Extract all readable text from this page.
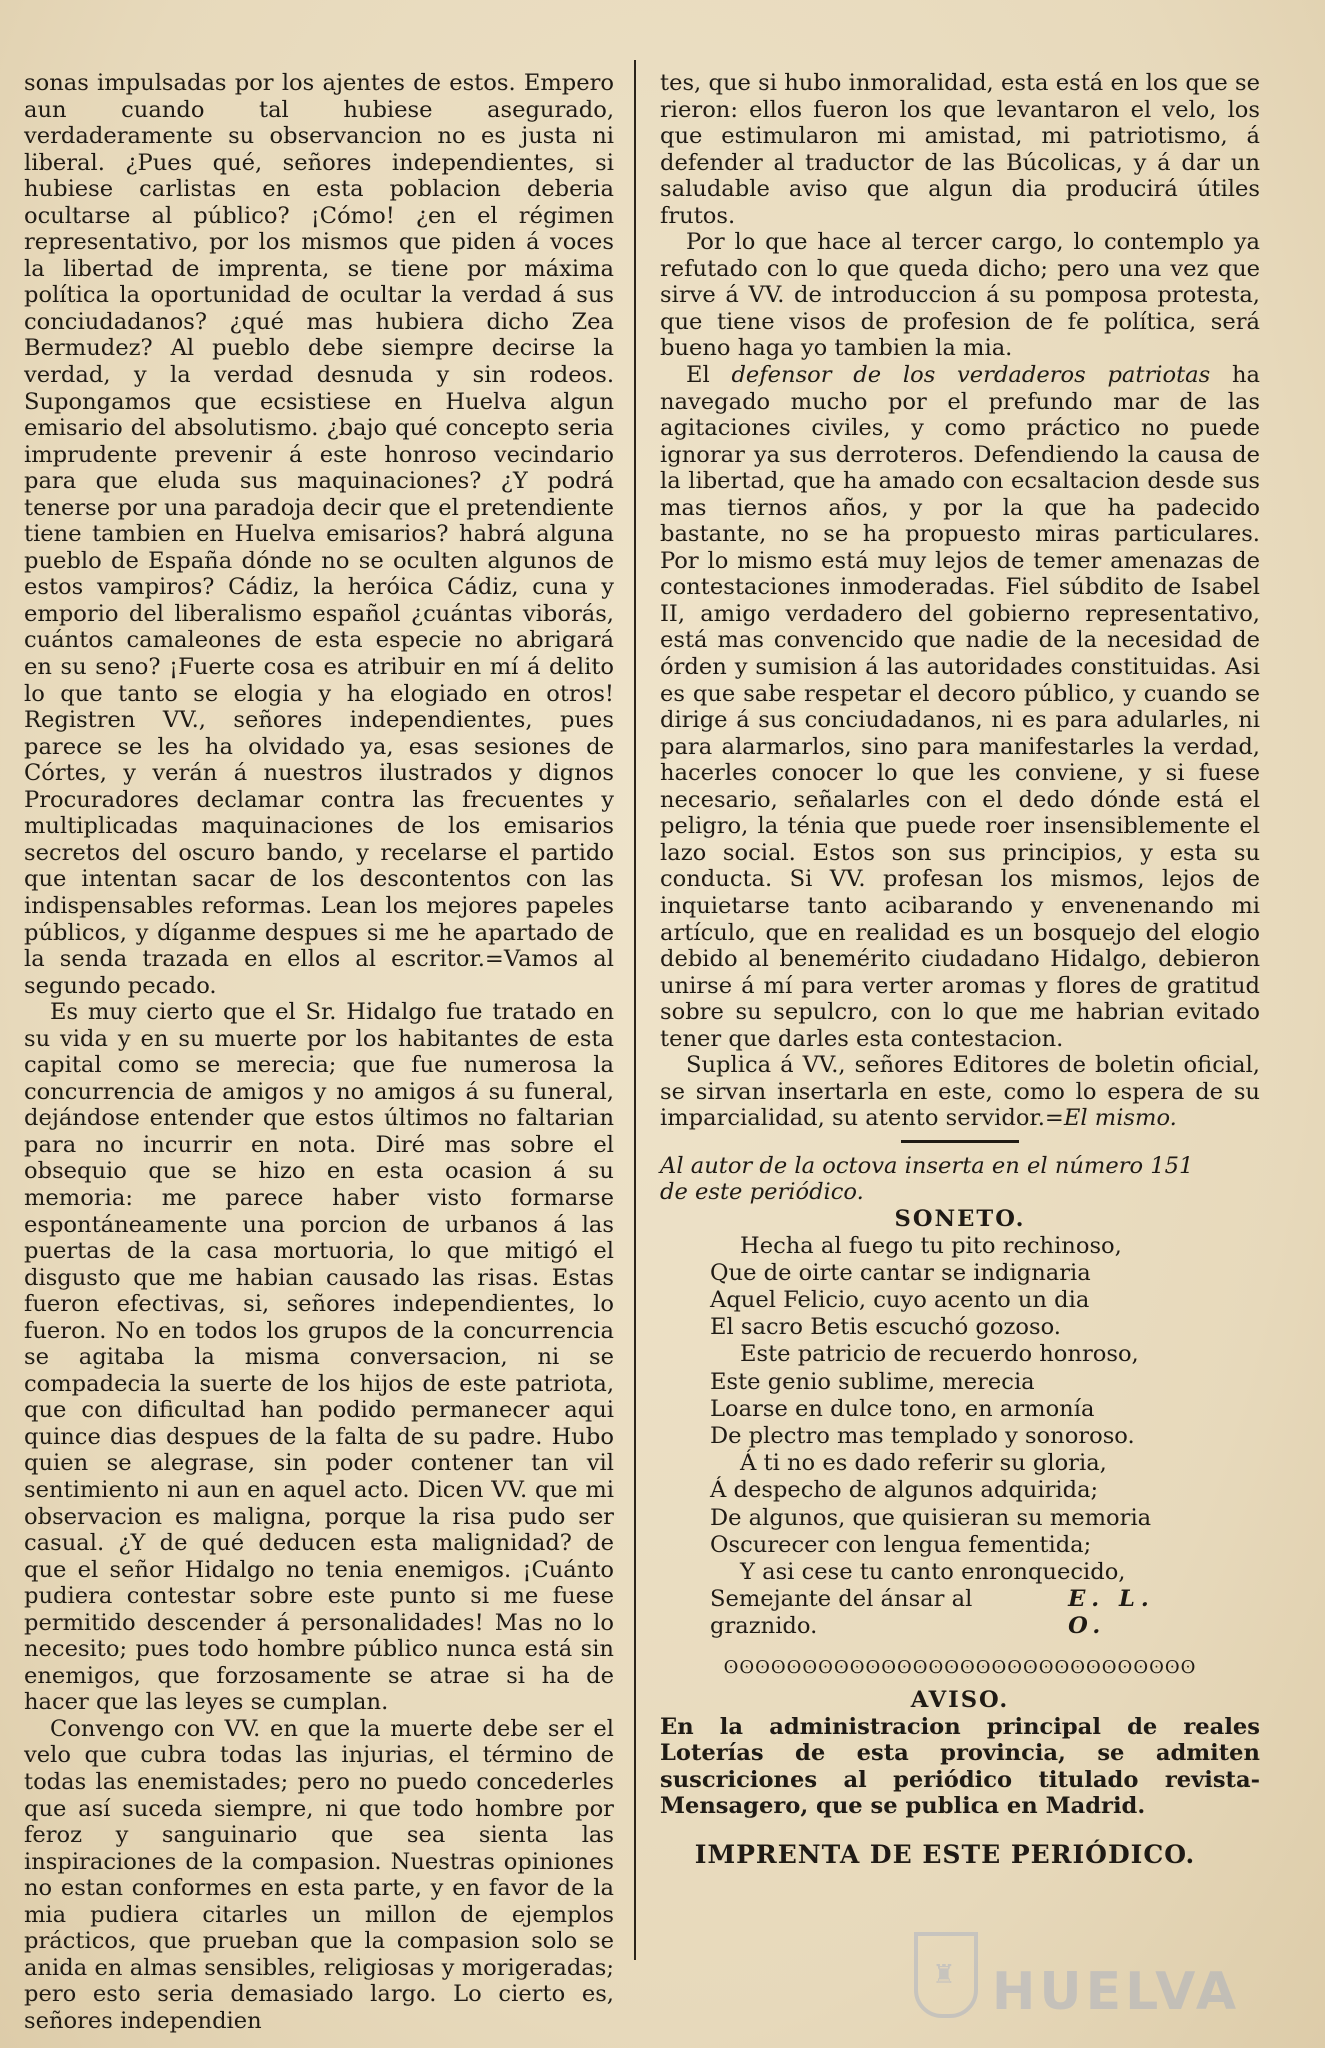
sonas impulsadas por los ajentes de estos. Empero aun cuando tal hubiese asegurado, verdaderamente su observancion no es justa ni liberal. ¿Pues qué, señores independientes, si hubiese carlistas en esta poblacion deberia ocultarse al público? ¡Cómo! ¿en el régimen representativo, por los mismos que piden á voces la libertad de imprenta, se tiene por máxima política la oportunidad de ocultar la verdad á sus conciudadanos? ¿qué mas hubiera dicho Zea Bermudez? Al pueblo debe siempre decirse la verdad, y la verdad desnuda y sin rodeos. Supongamos que ecsistiese en Huelva algun emisario del absolutismo. ¿bajo qué concepto seria imprudente prevenir á este honroso vecindario para que eluda sus maquinaciones? ¿Y podrá tenerse por una paradoja decir que el pretendiente tiene tambien en Huelva emisarios? habrá alguna pueblo de España dónde no se oculten algunos de estos vampiros? Cádiz, la heróica Cádiz, cuna y emporio del liberalismo español ¿cuántas viborás, cuántos camaleones de esta especie no abrigará en su seno? ¡Fuerte cosa es atribuir en mí á delito lo que tanto se elogia y ha elogiado en otros! Registren VV., señores independientes, pues parece se les ha olvidado ya, esas sesiones de Córtes, y verán á nuestros ilustrados y dignos Procuradores declamar contra las frecuentes y multiplicadas maquinaciones de los emisarios secretos del oscuro bando, y recelarse el partido que intentan sacar de los descontentos con las indispensables reformas. Lean los mejores papeles públicos, y díganme despues si me he apartado de la senda trazada en ellos al escritor.=Vamos al segundo pecado.

Es muy cierto que el Sr. Hidalgo fue tratado en su vida y en su muerte por los habitantes de esta capital como se merecia; que fue numerosa la concurrencia de amigos y no amigos á su funeral, dejándose entender que estos últimos no faltarian para no incurrir en nota. Diré mas sobre el obsequio que se hizo en esta ocasion á su memoria: me parece haber visto formarse espontáneamente una porcion de urbanos á las puertas de la casa mortuoria, lo que mitigó el disgusto que me habian causado las risas. Estas fueron efectivas, si, señores independientes, lo fueron. No en todos los grupos de la concurrencia se agitaba la misma conversacion, ni se compadecia la suerte de los hijos de este patriota, que con dificultad han podido permanecer aqui quince dias despues de la falta de su padre. Hubo quien se alegrase, sin poder contener tan vil sentimiento ni aun en aquel acto. Dicen VV. que mi observacion es maligna, porque la risa pudo ser casual. ¿Y de qué deducen esta malignidad? de que el señor Hidalgo no tenia enemigos. ¡Cuánto pudiera contestar sobre este punto si me fuese permitido descender á personalidades! Mas no lo necesito; pues todo hombre público nunca está sin enemigos, que forzosamente se atrae si ha de hacer que las leyes se cumplan.

Convengo con VV. en que la muerte debe ser el velo que cubra todas las injurias, el término de todas las enemistades; pero no puedo concederles que así suceda siempre, ni que todo hombre por feroz y sanguinario que sea sienta las inspiraciones de la compasion. Nuestras opiniones no estan conformes en esta parte, y en favor de la mia pudiera citarles un millon de ejemplos prácticos, que prueban que la compasion solo se anida en almas sensibles, religiosas y morigeradas; pero esto seria demasiado largo. Lo cierto es, señores independien

tes, que si hubo inmoralidad, esta está en los que se rieron: ellos fueron los que levantaron el velo, los que estimularon mi amistad, mi patriotismo, á defender al traductor de las Búcolicas, y á dar un saludable aviso que algun dia producirá útiles frutos.

Por lo que hace al tercer cargo, lo contemplo ya refutado con lo que queda dicho; pero una vez que sirve á VV. de introduccion á su pomposa protesta, que tiene visos de profesion de fe política, será bueno haga yo tambien la mia.

El defensor de los verdaderos patriotas ha navegado mucho por el prefundo mar de las agitaciones civiles, y como práctico no puede ignorar ya sus derroteros. Defendiendo la causa de la libertad, que ha amado con ecsaltacion desde sus mas tiernos años, y por la que ha padecido bastante, no se ha propuesto miras particulares. Por lo mismo está muy lejos de temer amenazas de contestaciones inmoderadas. Fiel súbdito de Isabel II, amigo verdadero del gobierno representativo, está mas convencido que nadie de la necesidad de órden y sumision á las autoridades constituidas. Asi es que sabe respetar el decoro público, y cuando se dirige á sus conciudadanos, ni es para adularles, ni para alarmarlos, sino para manifestarles la verdad, hacerles conocer lo que les conviene, y si fuese necesario, señalarles con el dedo dónde está el peligro, la ténia que puede roer insensiblemente el lazo social. Estos son sus principios, y esta su conducta. Si VV. profesan los mismos, lejos de inquietarse tanto acibarando y envenenando mi artículo, que en realidad es un bosquejo del elogio debido al benemérito ciudadano Hidalgo, debieron unirse á mí para verter aromas y flores de gratitud sobre su sepulcro, con lo que me habrian evitado tener que darles esta contestacion.

Suplica á VV., señores Editores de boletin oficial, se sirvan insertarla en este, como lo espera de su imparcialidad, su atento servidor.=El mismo.

Al autor de la octova inserta en el número 151

de este periódico.

SONETO.

Hecha al fuego tu pito rechinoso,
Que de oirte cantar se indignaria
Aquel Felicio, cuyo acento un dia
El sacro Betis escuchó gozoso.
Este patricio de recuerdo honroso,
Este genio sublime, merecia
Loarse en dulce tono, en armonía
De plectro mas templado y sonoroso.
Á ti no es dado referir su gloria,
Á despecho de algunos adquirida;
De algunos, que quisieran su memoria
Oscurecer con lengua fementida;
Y asi cese tu canto enronquecido,
Semejante del ánsar al graznido.
E. L. O.
ʘʘʘʘʘʘʘʘʘʘʘʘʘʘʘʘʘʘʘʘʘʘʘʘʘʘʘʘʘʘ

AVISO.

En la administracion principal de reales Loterías de esta provincia, se admiten suscriciones al periódico titulado revista-Mensagero, que se publica en Madrid.

IMPRENTA DE ESTE PERIÓDICO.
♜ HUELVA
